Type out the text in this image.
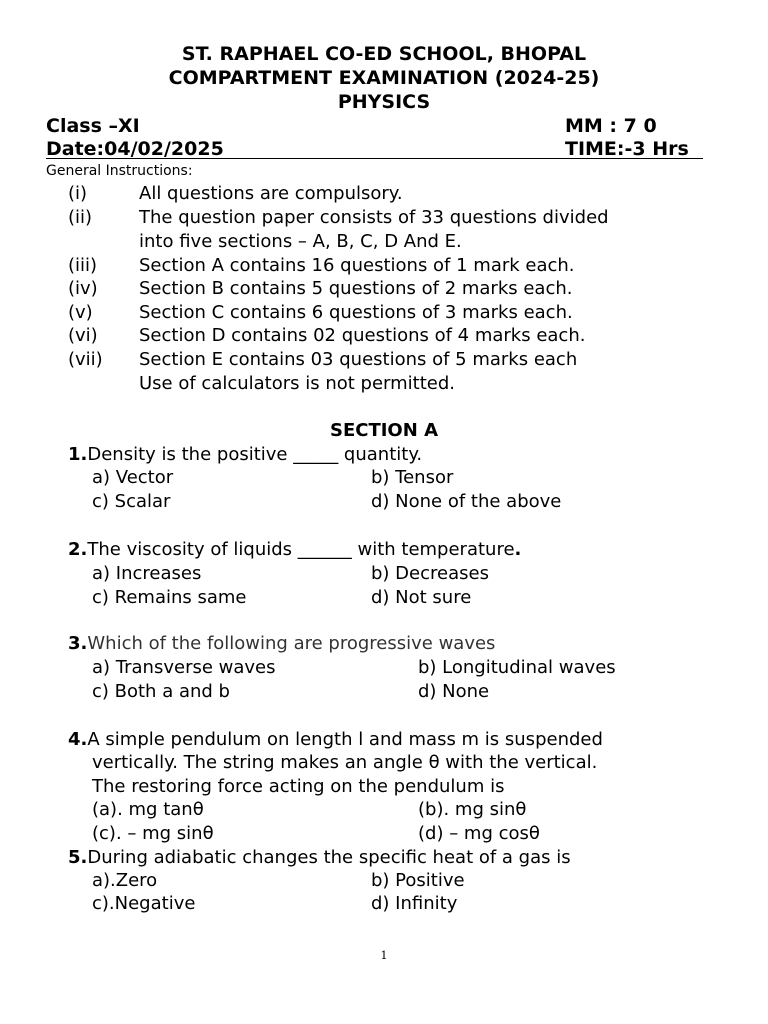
ST. RAPHAEL CO-ED SCHOOL, BHOPAL
COMPARTMENT EXAMINATION (2024-25)
PHYSICS
Class –XI	MM : 7 0
Date:04/02/2025	TIME:-3 Hrs
General Instructions:
(i)	All questions are compulsory.
(ii)	The question paper consists of 33 questions divided
into five sections – A, B, C, D And E.
(iii) Section A contains 16 questions of 1 mark each.
(iv) Section B contains 5 questions of 2 marks each.
(v)	Section C contains 6 questions of 3 marks each.
(vi) Section D contains 02 questions of 4 marks each.
(vii) Section E contains 03 questions of 5 marks each
Use of calculators is not permitted.
SECTION A
1.Density is the positive _____ quantity.
a) Vector	b) Tensor
c) Scalar	d) None of the above
2.The viscosity of liquids ______ with temperature.
a) Increases	b) Decreases
c) Remains same	d) Not sure
3.Which of the following are progressive waves
a) Transverse waves	b) Longitudinal waves
c) Both a and b	d) None
4.A simple pendulum on length l and mass m is suspended
vertically. The string makes an angle θ with the vertical.
The restoring force acting on the pendulum is
(a). mg tanθ	(b). mg sinθ
(c). – mg sinθ	(d) – mg cosθ
5.During adiabatic changes the specific heat of a gas is
a).Zero	b) Positive
c).Negative	d) Infinity
1
